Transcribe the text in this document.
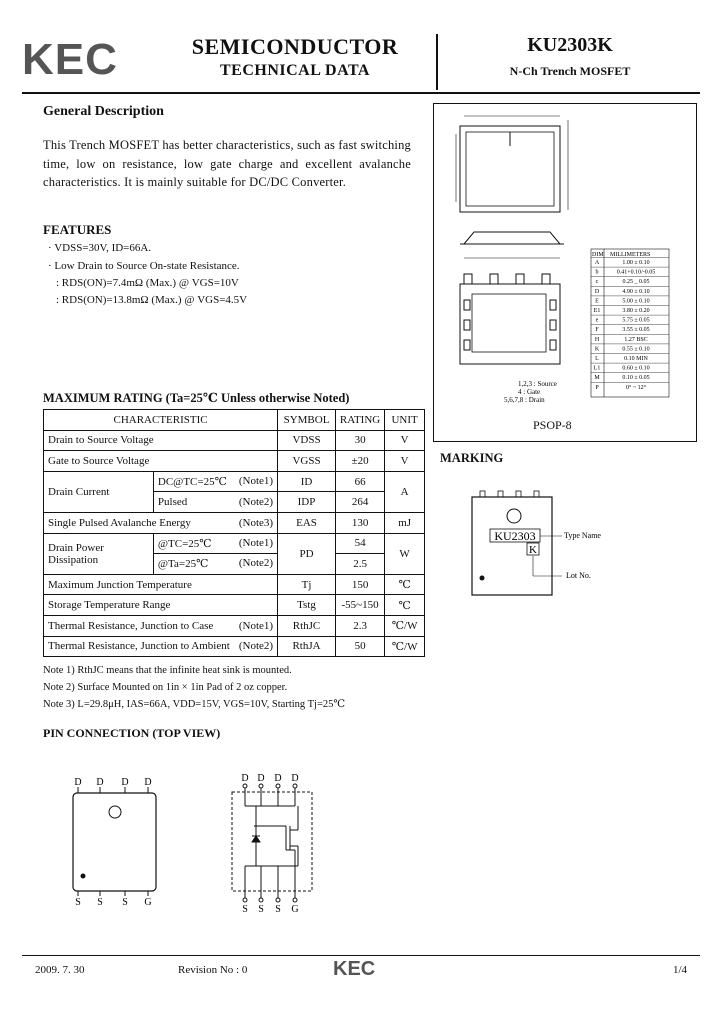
KEC	SEMICONDUCTOR
TECHNICAL DATA
KU2303K
N-Ch Trench MOSFET
General Description
This Trench MOSFET has better characteristics, such as fast switching time, low on resistance, low gate charge and excellent avalanche characteristics. It is mainly suitable for DC/DC Converter.
FEATURES
· VDSS=30V, ID=66A.
· Low Drain to Source On-state Resistance.
: RDS(ON)=7.4mΩ (Max.) @ VGS=10V
: RDS(ON)=13.8mΩ (Max.) @ VGS=4.5V
1,2,3 : Source
4 : Gate
5,6,7,8 : Drain
DIM MILLIMETERS
A	1.00 ± 0.10
b	0.41+0.10/-0.05
c	0.25 _ 0.05
D	4.90 ± 0.10
E	5.00 ± 0.10
E1	3.80 ± 0.20
e	5.75 ± 0.05
F	3.55 ± 0.05
H	1.27 BSC
K	0.55 ± 0.10
L	0.10 MIN
L1	0.60 ± 0.10
M	0.10 ± 0.05
P	0° ~ 12°
PSOP-8
MAXIMUM RATING (Ta=25℃ Unless otherwise Noted)
CHARACTERISTIC		SYMBOL	RATING	UNIT
Drain to Source Voltage		VDSS	30	V
Gate to Source Voltage		VGSS	±20	V
Drain Current	DC@TC=25℃ (Note1)	ID	66	A
	Pulsed (Note2)	IDP	264	
Single Pulsed Avalanche Energy (Note3)		EAS	130	mJ
Drain Power Dissipation	@TC=25℃ (Note1)	PD	54	W
	@Ta=25℃ (Note2)		2.5	
Maximum Junction Temperature		Tj	150	℃
Storage Temperature Range		Tstg	-55~150	℃
Thermal Resistance, Junction to Case (Note1)		RthJC	2.3	℃/W
Thermal Resistance, Junction to Ambient (Note2)		RthJA	50	℃/W
Note 1) RthJC means that the infinite heat sink is mounted.
Note 2) Surface Mounted on 1in × 1in Pad of 2 oz copper.
Note 3) L=29.8μH, IAS=66A, VDD=15V, VGS=10V, Starting Tj=25℃
PIN CONNECTION (TOP VIEW)
D D D D
S S S G
D D D D
S S S G
MARKING
KU2303
K
Type Name
Lot No.
2009. 7. 30	Revision No : 0	KEC	1/4
